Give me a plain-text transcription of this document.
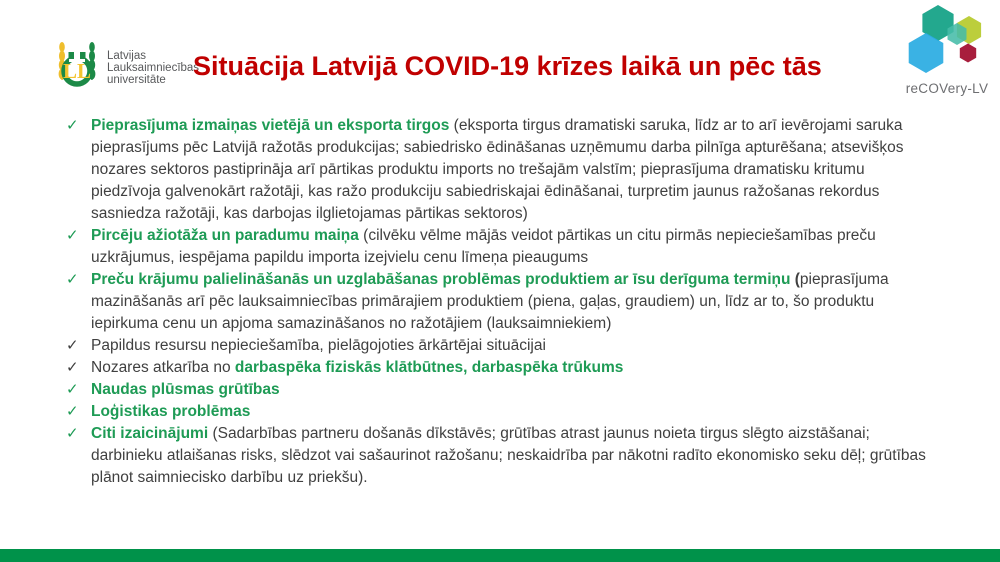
LL
Latvijas
Lauksaimniecības
universitāte	Situācija Latvijā COVID-19 krīzes laikā un pēc tās
reCOVery-LV
✓ Pieprasījuma izmaiņas vietējā un eksporta tirgos (eksporta tirgus dramatiski saruka, līdz ar to arī ievērojami saruka pieprasījums pēc Latvijā ražotās produkcijas; sabiedrisko ēdināšanas uzņēmumu darba pilnīga apturēšana; atsevišķos nozares sektoros pastiprināja arī pārtikas produktu imports no trešajām valstīm; pieprasījuma dramatisku kritumu piedzīvoja galvenokārt ražotāji, kas ražo produkciju sabiedriskajai ēdināšanai, turpretim jaunus ražošanas rekordus sasniedza ražotāji, kas darbojas ilglietojamas pārtikas sektoros)
✓ Pircēju ažiotāža un paradumu maiņa (cilvēku vēlme mājās veidot pārtikas un citu pirmās nepieciešamības preču uzkrājumus, iespējama papildu importa izejvielu cenu līmeņa pieaugums
✓ Preču krājumu palielināšanās un uzglabāšanas problēmas produktiem ar īsu derīguma termiņu (pieprasījuma mazināšanās arī pēc lauksaimniecības primārajiem produktiem (piena, gaļas, graudiem) un, līdz ar to, šo produktu iepirkuma cenu un apjoma samazināšanos no ražotājiem (lauksaimniekiem)
✓ Papildus resursu nepieciešamība, pielāgojoties ārkārtējai situācijai
✓ Nozares atkarība no darbaspēka fiziskās klātbūtnes, darbaspēka trūkums
✓ Naudas plūsmas grūtības
✓ Loģistikas problēmas
✓ Citi izaicinājumi (Sadarbības partneru došanās dīkstāvēs; grūtības atrast jaunus noieta tirgus slēgto aizstāšanai; darbinieku atlaišanas risks, slēdzot vai sašaurinot ražošanu; neskaidrība par nākotni radīto ekonomisko seku dēļ; grūtības plānot saimniecisko darbību uz priekšu).
